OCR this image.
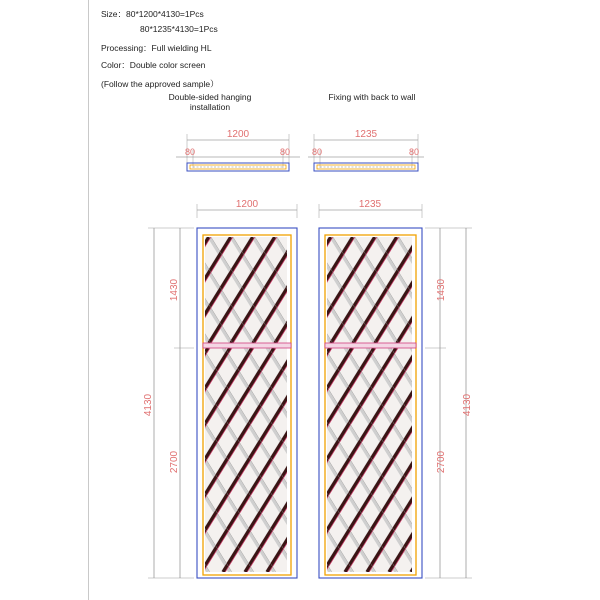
Size：80*1200*4130=1Pcs
80*1235*4130=1Pcs
Processing：Full wielding HL
Color：Double color screen
(Follow the approved sample）
Double-sided hanging
installation
Fixing with back to wall
1200
80	80
1235
80	80
1200	1235
4130
1430
2700
1430
2700
4130
